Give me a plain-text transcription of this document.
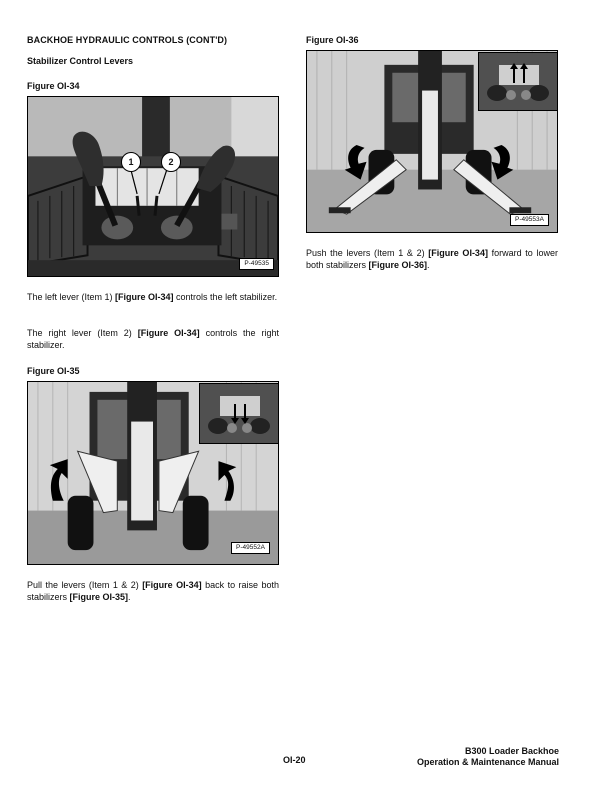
BACKHOE HYDRAULIC CONTROLS (CONT'D)
Stabilizer Control Levers
Figure OI-34
1	2
P-49535
The left lever (Item 1) [Figure OI-34] controls the left stabilizer.
The right lever (Item 2) [Figure OI-34] controls the right stabilizer.
Figure OI-35
P-49552A
Pull the levers (Item 1 & 2) [Figure OI-34] back to raise both stabilizers [Figure OI-35].
Figure OI-36
P-49553A
Push the levers (Item 1 & 2) [Figure OI-34] forward to lower both stabilizers [Figure OI-36].
OI-20
B300 Loader Backhoe
Operation & Maintenance Manual
